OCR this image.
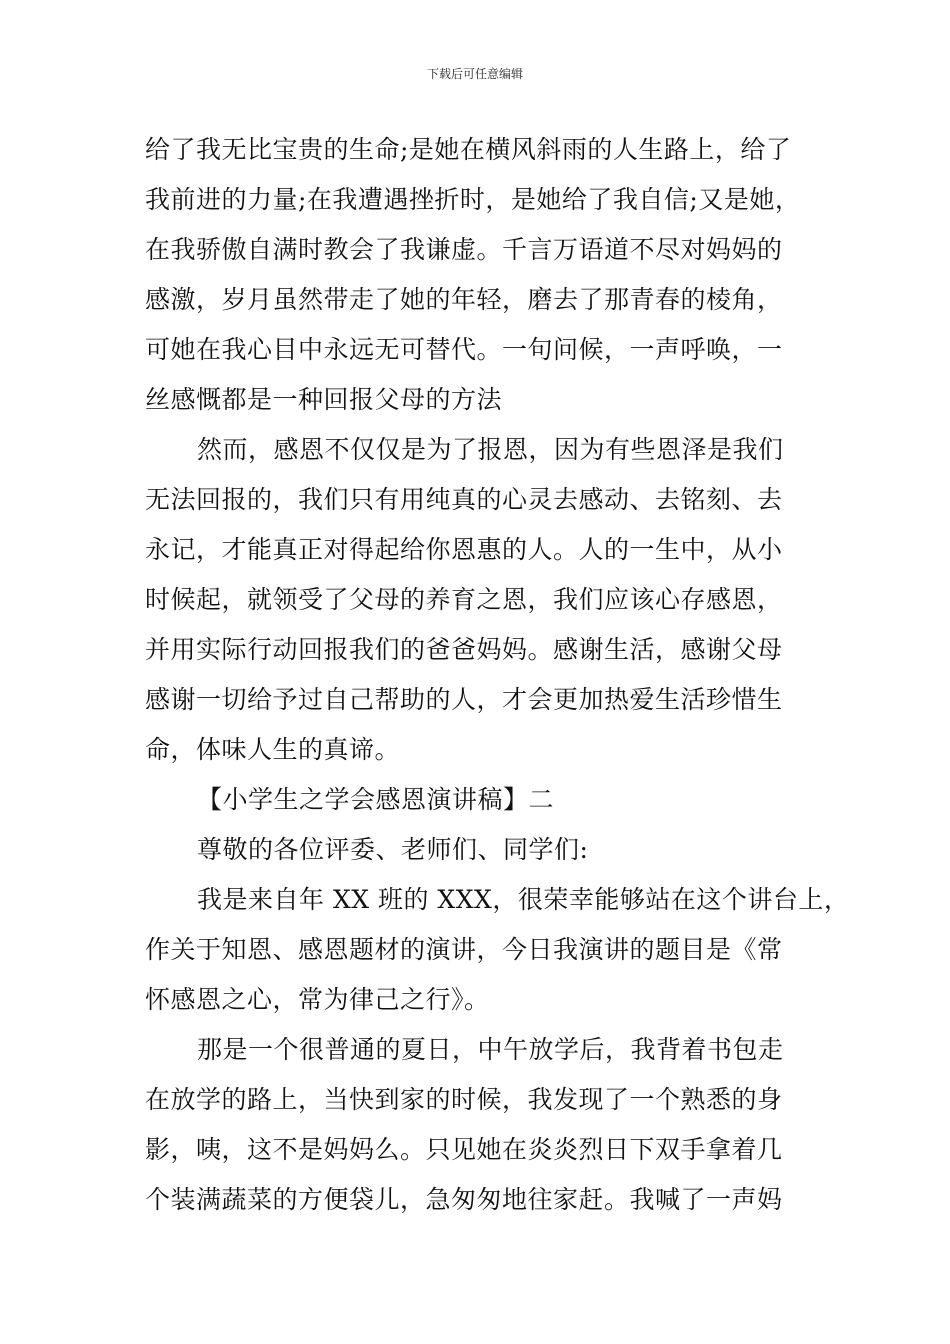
下载后可任意编辑
给了我无比宝贵的生命;是她在横风斜雨的人生路上，给了
我前进的力量;在我遭遇挫折时，是她给了我自信;又是她，
在我骄傲自满时教会了我谦虚。千言万语道不尽对妈妈的
感激，岁月虽然带走了她的年轻，磨去了那青春的棱角，
可她在我心目中永远无可替代。一句问候，一声呼唤，一
丝感慨都是一种回报父母的方法
然而，感恩不仅仅是为了报恩，因为有些恩泽是我们
无法回报的，我们只有用纯真的心灵去感动、去铭刻、去
永记，才能真正对得起给你恩惠的人。人的一生中，从小
时候起，就领受了父母的养育之恩，我们应该心存感恩，
并用实际行动回报我们的爸爸妈妈。感谢生活，感谢父母
感谢一切给予过自己帮助的人，才会更加热爱生活珍惜生
命，体味人生的真谛。
【小学生之学会感恩演讲稿】二
尊敬的各位评委、老师们、同学们:
我是来自年 XX 班的 XXX，很荣幸能够站在这个讲台上，
作关于知恩、感恩题材的演讲，今日我演讲的题目是《常
怀感恩之心，常为律己之行》。
那是一个很普通的夏日，中午放学后，我背着书包走
在放学的路上，当快到家的时候，我发现了一个熟悉的身
影，咦，这不是妈妈么。只见她在炎炎烈日下双手拿着几
个装满蔬菜的方便袋儿，急匆匆地往家赶。我喊了一声妈
